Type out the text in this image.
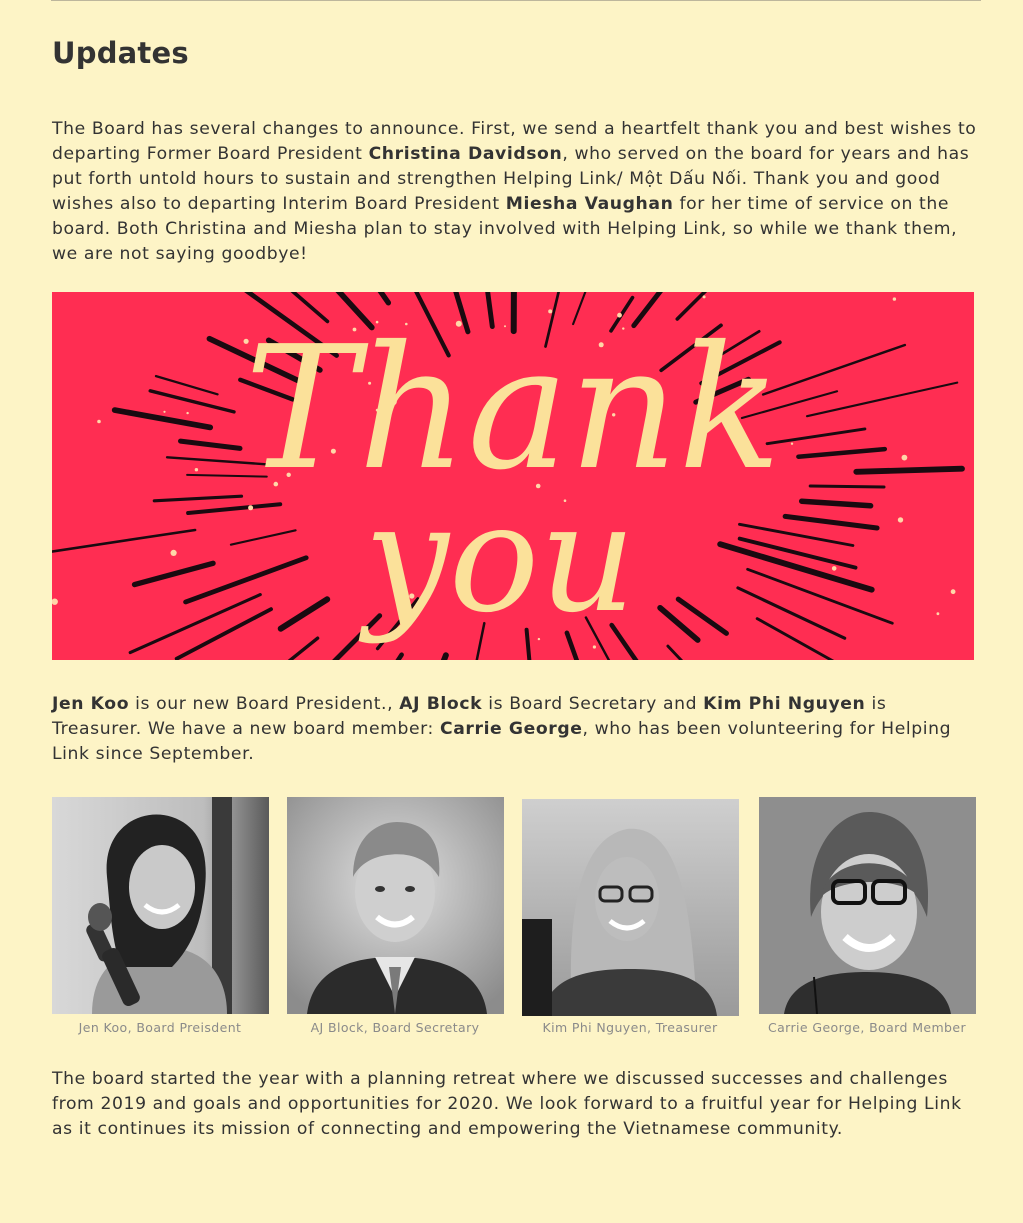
Updates

The Board has several changes to announce. First, we send a heartfelt thank you and best wishes to departing Former Board President Christina Davidson, who served on the board for years and has put forth untold hours to sustain and strengthen Helping Link/ Một Dấu Nối. Thank you and good wishes also to departing Interim Board President Miesha Vaughan for her time of service on the board. Both Christina and Miesha plan to stay involved with Helping Link, so while we thank them, we are not saying goodbye!

Thank
you

Jen Koo is our new Board President., AJ Block is Board Secretary and Kim Phi Nguyen is Treasurer. We have a new board member: Carrie George, who has been volunteering for Helping Link since September.

Jen Koo, Board Preisdent	AJ Block, Board Secretary	Kim Phi Nguyen, Treasurer	Carrie George, Board Member

The board started the year with a planning retreat where we discussed successes and challenges from 2019 and goals and opportunities for 2020. We look forward to a fruitful year for Helping Link as it continues its mission of connecting and empowering the Vietnamese community.
